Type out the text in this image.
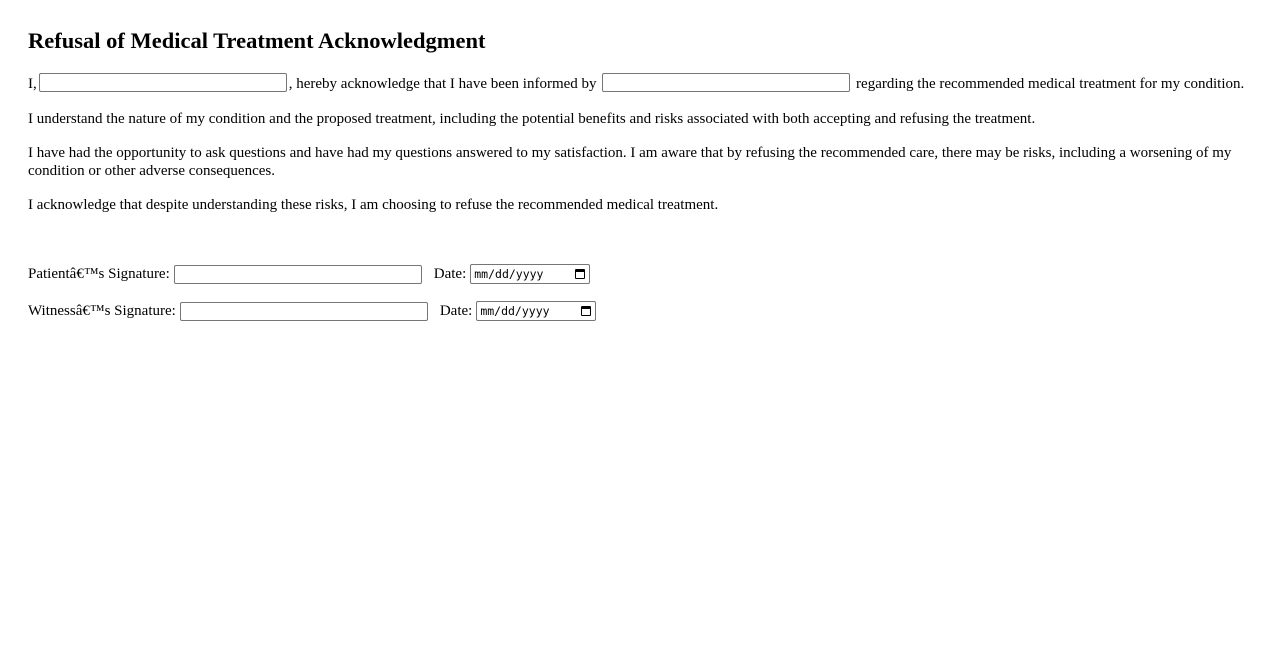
Refusal of Medical Treatment Acknowledgment

I,	, hereby acknowledge that I have been informed by	regarding the recommended medical treatment for my condition.

I understand the nature of my condition and the proposed treatment, including the potential benefits and risks associated with both accepting and refusing the treatment.

I have had the opportunity to ask questions and have had my questions answered to my satisfaction. I am aware that by refusing the recommended care, there may be risks, including a worsening of my condition or other adverse consequences.

I acknowledge that despite understanding these risks, I am choosing to refuse the recommended medical treatment.

Patientâ€™s Signature:	Date: mm/dd/yyyy
Witnessâ€™s Signature:	Date: mm/dd/yyyy
